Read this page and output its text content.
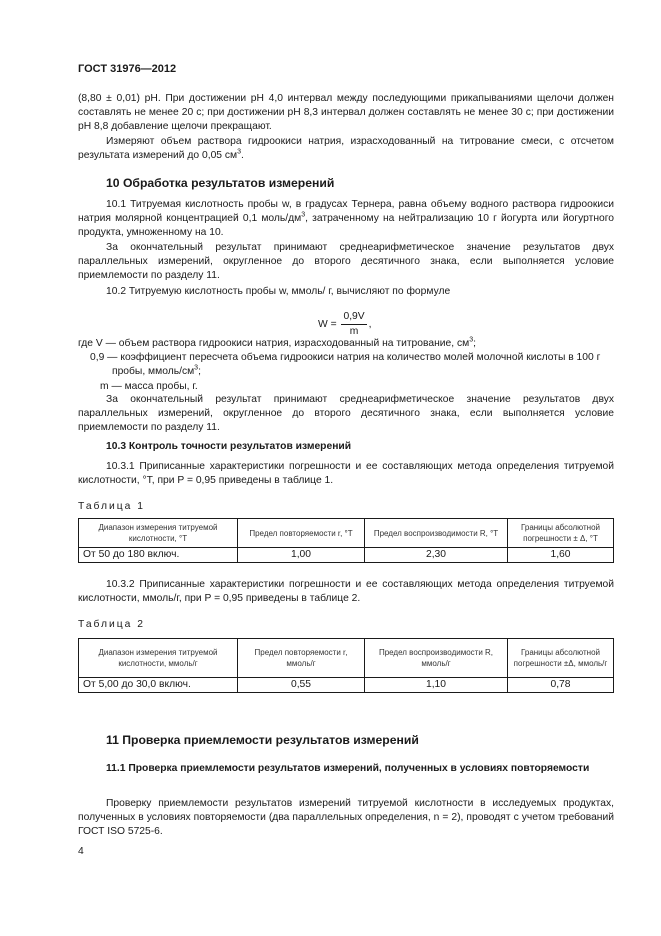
ГОСТ 31976—2012

(8,80 ± 0,01) pH. При достижении pH 4,0 интервал между последующими прикапываниями щелочи должен составлять не менее 20 с; при достижении pH 8,3 интервал должен составлять не менее 30 с; при достижении pH 8,8 добавление щелочи прекращают.

Измеряют объем раствора гидроокиси натрия, израсходованный на титрование смеси, с отсчетом результата измерений до 0,05 $см^3$.

10 Обработка результатов измерений

10.1 Титруемая кислотность пробы w, в градусах Тернера, равна объему водного раствора гидроокиси натрия молярной концентрацией 0,1 моль/$дм^3$, затраченному на нейтрализацию 10 г йогурта или йогуртного продукта, умноженному на 10.

За окончательный результат принимают среднеарифметическое значение результатов двух параллельных измерений, округленное до второго десятичного знака, если выполняется условие приемлемости по разделу 11.

10.2 Титруемую кислотность пробы w, ммоль/ г, вычисляют по формуле

$W = \frac{0,9V}{m}$ ,

где V — объем раствора гидроокиси натрия, израсходованный на титрование, $см^3$;

0,9 — коэффициент пересчета объема гидроокиси натрия на количество молей молочной кислоты в 100 г пробы, ммоль/$см^3$;

m — масса пробы, г.

За окончательный результат принимают среднеарифметическое значение результатов двух параллельных измерений, округленное до второго десятичного знака, если выполняется условие приемлемости по разделу 11.

10.3 Контроль точности результатов измерений

10.3.1 Приписанные характеристики погрешности и ее составляющих метода определения титруемой кислотности, °Т, при P = 0,95 приведены в таблице 1.

Таблица 1
Диапазон измерения титруемой кислотности, °Т	Предел повторяемости r, °Т	Предел воспроизводимости R, °Т	Границы абсолютной погрешности ± Δ, °Т
От 50 до 180 включ.	1,00	2,30	1,60

10.3.2 Приписанные характеристики погрешности и ее составляющих метода определения титруемой кислотности, ммоль/г, при P = 0,95 приведены в таблице 2.

Таблица 2
Диапазон измерения титруемой кислотности, ммоль/г	Предел повторяемости r, ммоль/г	Предел воспроизводимости R, ммоль/г	Границы абсолютной погрешности ±Δ, ммоль/г
От 5,00 до 30,0 включ.	0,55	1,10	0,78
11 Проверка приемлемости результатов измерений
11.1 Проверка приемлемости результатов измерений, полученных в условиях повторяемости

Проверку приемлемости результатов измерений титруемой кислотности в исследуемых продуктах, полученных в условиях повторяемости (два параллельных определения, n = 2), проводят с учетом требований ГОСТ ISO 5725-6.

4
